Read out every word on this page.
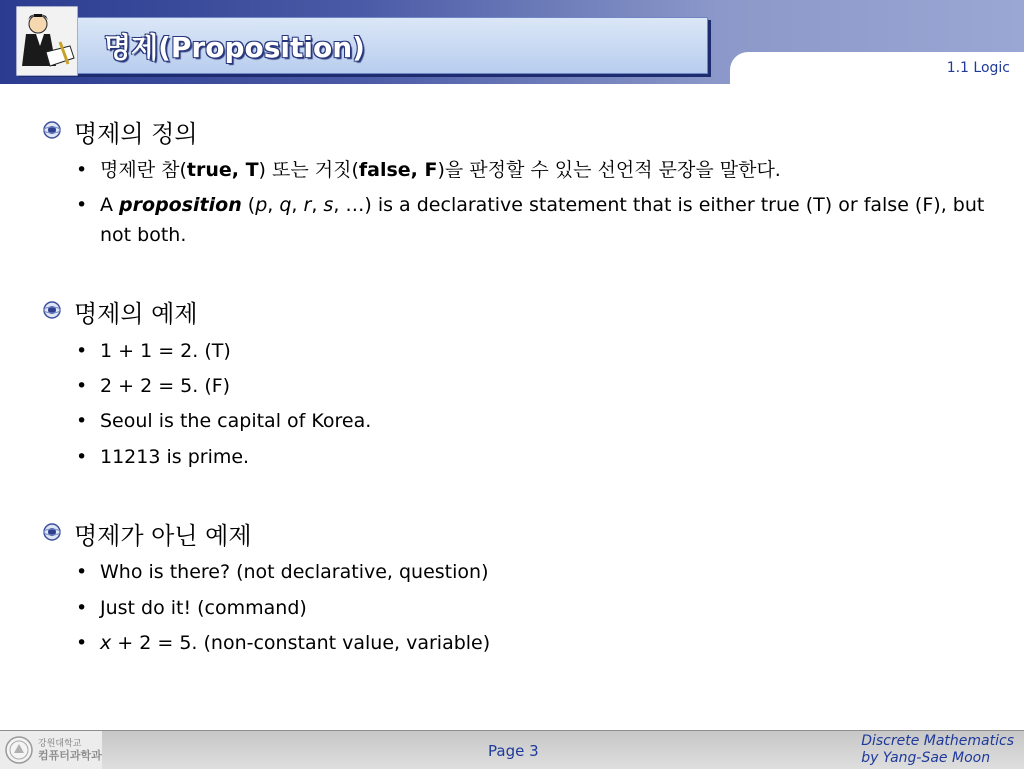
명제(Proposition)
1.1 Logic
명제의 정의
• 명제란 참(true, T) 또는 거짓(false, F)을 판정할 수 있는 선언적 문장을 말한다.
• A proposition (p, q, r, s, …) is a declarative statement that is either true (T) or false (F), but not both.
명제의 예제
• 1 + 1 = 2. (T)
• 2 + 2 = 5. (F)
• Seoul is the capital of Korea.
• 11213 is prime.
명제가 아닌 예제
• Who is there? (not declarative, question)
• Just do it! (command)
• x + 2 = 5. (non-constant value, variable)
강원대학교
컴퓨터과학과	Page 3
Discrete Mathematics
by Yang-Sae Moon
